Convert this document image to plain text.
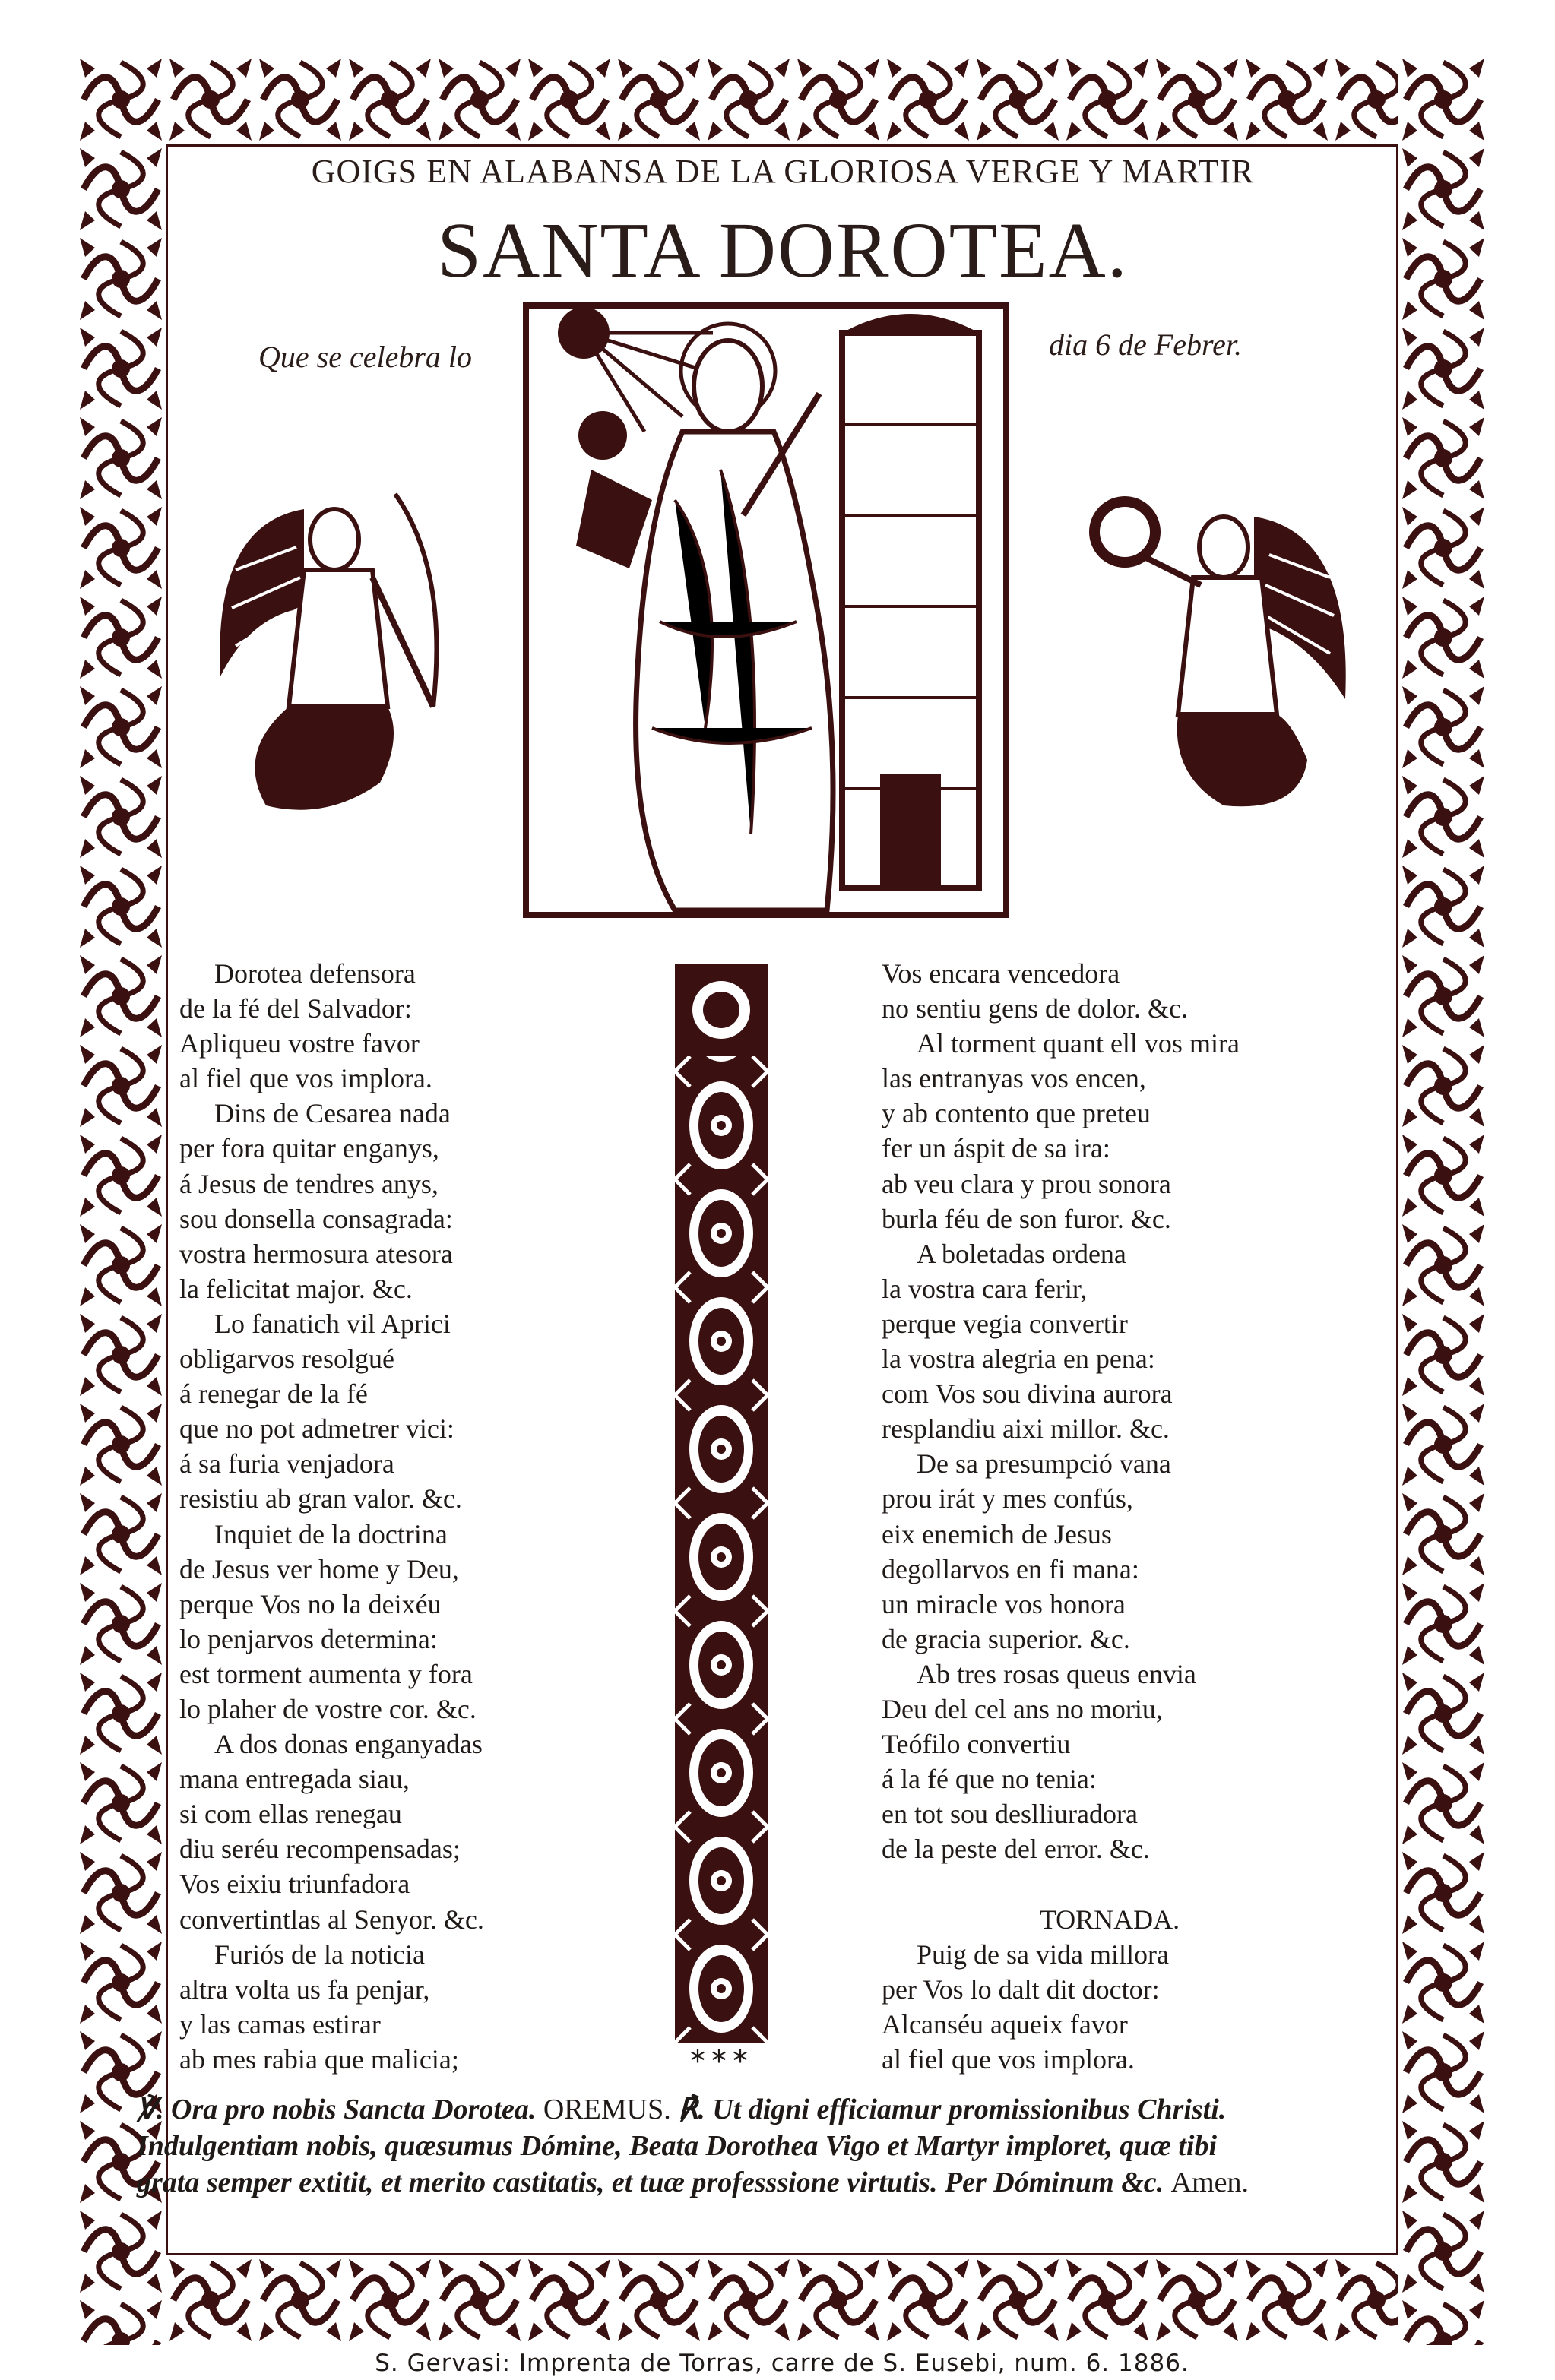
GOIGS EN ALABANSA DE LA GLORIOSA VERGE Y MARTIR
SANTA DOROTEA.
Que se celebra lo	dia 6 de Febrer.
Dorotea defensora
de la fé del Salvador:
Apliqueu vostre favor
al fiel que vos implora.
Dins de Cesarea nada
per fora quitar enganys,
á Jesus de tendres anys,
sou donsella consagrada:
vostra hermosura atesora
la felicitat major. &c.
Lo fanatich vil Aprici
obligarvos resolgué
á renegar de la fé
que no pot admetrer vici:
á sa furia venjadora
resistiu ab gran valor. &c.
Inquiet de la doctrina
de Jesus ver home y Deu,
perque Vos no la deixéu
lo penjarvos determina:
est torment aumenta y fora
lo plaher de vostre cor. &c.
A dos donas enganyadas
mana entregada siau,
si com ellas renegau
diu seréu recompensadas;
Vos eixiu triunfadora
convertintlas al Senyor. &c.
Furiós de la noticia
altra volta us fa penjar,
y las camas estirar
ab mes rabia que malicia;
Vos encara vencedora
no sentiu gens de dolor. &c.
Al torment quant ell vos mira
las entranyas vos encen,
y ab contento que preteu
fer un áspit de sa ira:
ab veu clara y prou sonora
burla féu de son furor. &c.
A boletadas ordena
la vostra cara ferir,
perque vegia convertir
la vostra alegria en pena:
com Vos sou divina aurora
resplandiu aixi millor. &c.
De sa presumpció vana
prou irát y mes confús,
eix enemich de Jesus
degollarvos en fi mana:
un miracle vos honora
de gracia superior. &c.
Ab tres rosas queus envia
Deu del cel ans no moriu,
Teófilo convertiu
á la fé que no tenia:
en tot sou deslliuradora
de la peste del error. &c.
TORNADA.
Puig de sa vida millora
per Vos lo dalt dit doctor:
Alcanséu aqueix favor
al fiel que vos implora.
***
℣. Ora pro nobis Sancta Dorotea. OREMUS. ℟. Ut digni efficiamur promissionibus Christi.
Indulgentiam nobis, quæsumus Dómine, Beata Dorothea Vigo et Martyr imploret, quæ tibi
grata semper extitit, et merito castitatis, et tuæ professsione virtutis. Per Dóminum &c. Amen.
S. Gervasi: Imprenta de Torras, carre de S. Eusebi, num. 6. 1886.
